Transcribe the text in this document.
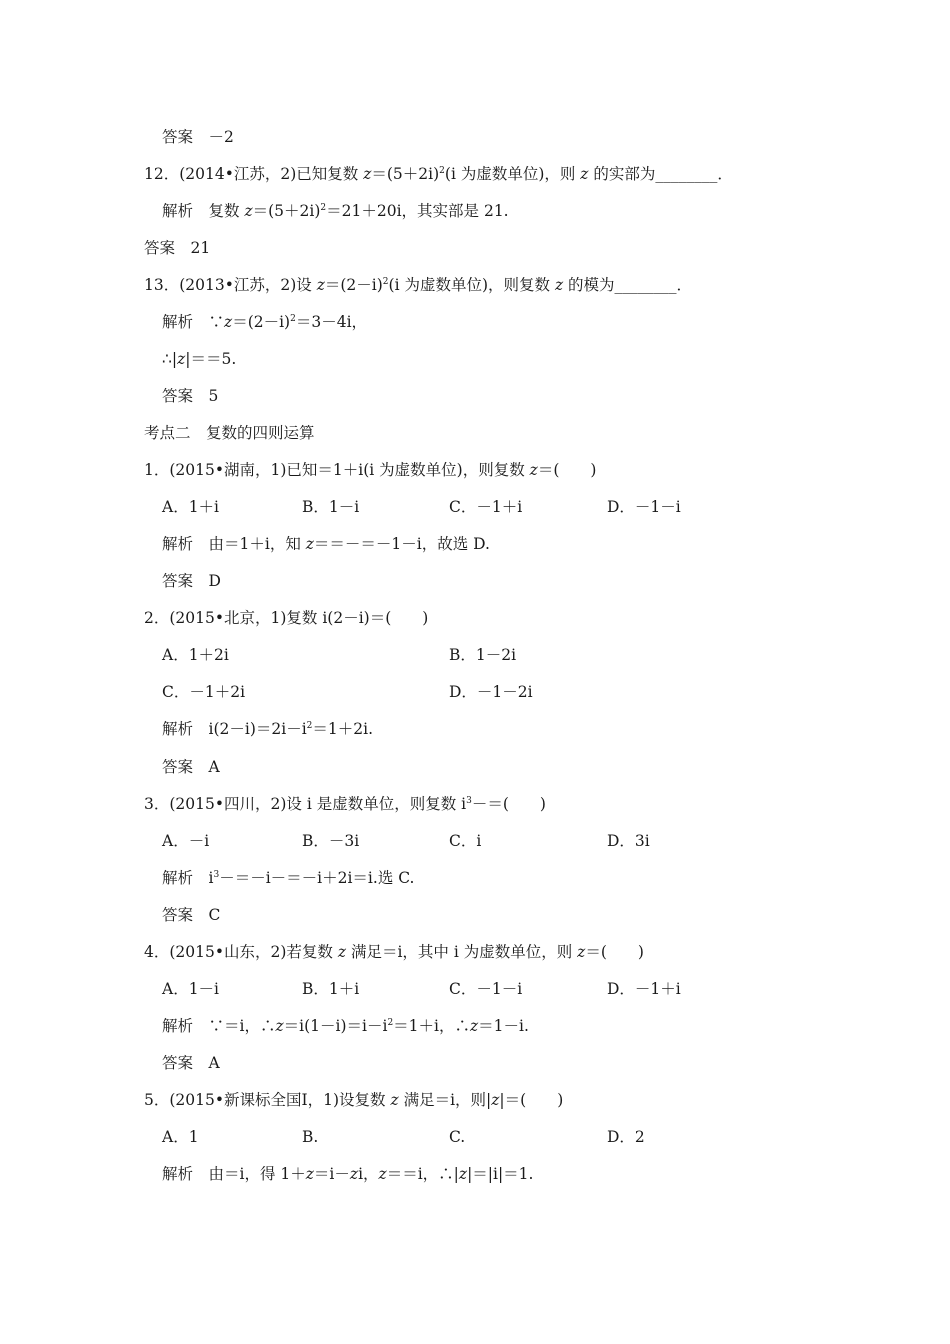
答案　－2
12．(2014•江苏，2)已知复数 $z=(5+2i)^2(i$ 为虚数单位)，则 z 的实部为________．
解析　复数 $z=(5+2i)^2=21+20i$，其实部是 21.
答案　21
13．(2013•江苏，2)设 $z=(2-i)^2(i$ 为虚数单位)，则复数 z 的模为________．
解析　$\because z=(2-i)^2=3-4i$，
∴|z|＝＝5.
答案　5
考点二　复数的四则运算
1．(2015•湖南，1)已知＝1＋i(i 为虚数单位)，则复数 z＝(　　)
A．1＋i	B．1－i	C．－1＋i	D．－1－i
解析　由＝1＋i，知 z＝＝－＝－1－i，故选 D.
答案　D
2．(2015•北京，1)复数 i(2－i)＝(　　)
A．1＋2i	B．1－2i
C．－1＋2i	D．－1－2i
解析　$i(2-i)=2i-i^2=1+2i$.
答案　A
3．(2015•四川，2)设 i 是虚数单位，则复数 $i^3-=$(　　)
A．－i	B．－3i	C．i	D．3i
解析　$i^3-=-i-=-i+2i=i$.选 C.
答案　C
4．(2015•山东，2)若复数 z 满足＝i，其中 i 为虚数单位，则 z＝(　　)
A．1－i	B．1＋i	C．－1－i	D．－1＋i
解析　∵＝i，$\therefore z=i(1-i)=i-i^2=1+i$，∴z＝1－i.
答案　A
5．(2015•新课标全国Ⅰ，1)设复数 z 满足＝i，则|z|＝(　　)
A．1	B.	C.	D．2
解析　由＝i，得 1＋z＝i－zi，z＝＝i，∴|z|＝|i|＝1.
